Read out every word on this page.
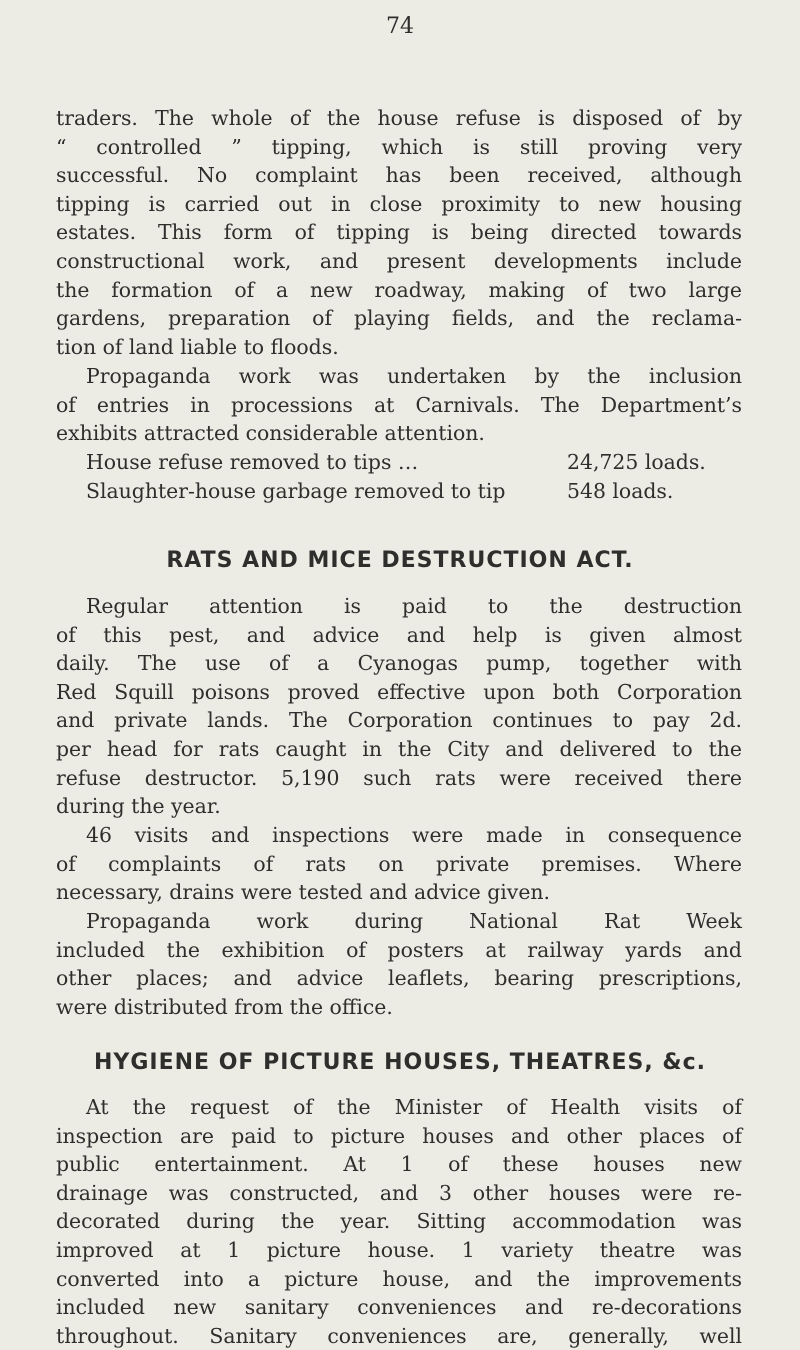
74
traders. The whole of the house refuse is disposed of by
“ controlled ” tipping, which is still proving very
successful. No complaint has been received, although
tipping is carried out in close proximity to new housing
estates. This form of tipping is being directed towards
constructional work, and present developments include
the formation of a new roadway, making of two large
gardens, preparation of playing fields, and the reclama-
tion of land liable to floods.
Propaganda work was undertaken by the inclusion
of entries in processions at Carnivals. The Department’s
exhibits attracted considerable attention.
House refuse removed to tips …	24,725 loads.
Slaughter-house garbage removed to tip	548 loads.
RATS AND MICE DESTRUCTION ACT.
Regular attention is paid to the destruction
of this pest, and advice and help is given almost
daily. The use of a Cyanogas pump, together with
Red Squill poisons proved effective upon both Corporation
and private lands. The Corporation continues to pay 2d.
per head for rats caught in the City and delivered to the
refuse destructor. 5,190 such rats were received there
during the year.
46 visits and inspections were made in consequence
of complaints of rats on private premises. Where
necessary, drains were tested and advice given.
Propaganda work during National Rat Week
included the exhibition of posters at railway yards and
other places; and advice leaflets, bearing prescriptions,
were distributed from the office.
HYGIENE OF PICTURE HOUSES, THEATRES, &c.
At the request of the Minister of Health visits of
inspection are paid to picture houses and other places of
public entertainment. At 1 of these houses new
drainage was constructed, and 3 other houses were re-
decorated during the year. Sitting accommodation was
improved at 1 picture house. 1 variety theatre was
converted into a picture house, and the improvements
included new sanitary conveniences and re-decorations
throughout. Sanitary conveniences are, generally, well
